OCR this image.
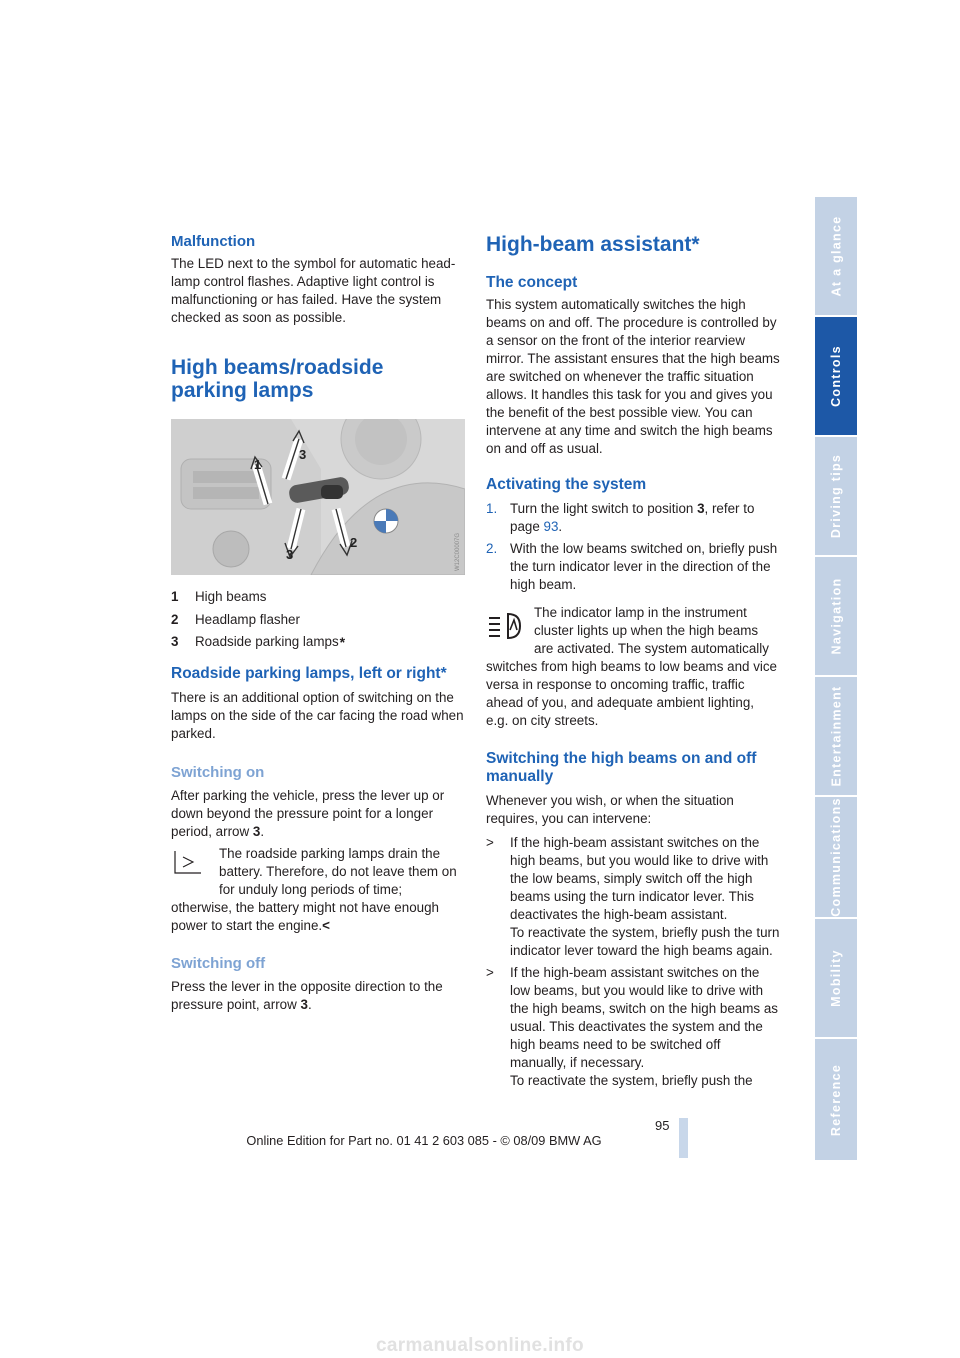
Malfunction

The LED next to the symbol for automatic head-lamp control flashes. Adaptive light control is malfunctioning or has failed. Have the system checked as soon as possible.

High beams/roadside parking lamps
3
1
3
2	W12C00007G
1	High beams
2	Headlamp flasher
3	Roadside parking lamps *
Roadside parking lamps, left or right*

There is an additional option of switching on the lamps on the side of the car facing the road when parked.

Switching on

After parking the vehicle, press the lever up or down beyond the pressure point for a longer period, arrow 3.

The roadside parking lamps drain the battery. Therefore, do not leave them on for unduly long periods of time; otherwise, the battery might not have enough power to start the engine.<
Switching off

Press the lever in the opposite direction to the pressure point, arrow 3.

High-beam assistant*
The concept

This system automatically switches the high beams on and off. The procedure is controlled by a sensor on the front of the interior rearview mirror. The assistant ensures that the high beams are switched on whenever the traffic situation allows. It handles this task for you and gives you the benefit of the best possible view. You can intervene at any time and switch the high beams on and off as usual.

Activating the system
1. Turn the light switch to position 3, refer to page 93.
2. With the low beams switched on, briefly push the turn indicator lever in the direction of the high beam.
The indicator lamp in the instrument cluster lights up when the high beams are activated. The system automatically switches from high beams to low beams and vice versa in response to oncoming traffic, traffic ahead of you, and adequate ambient lighting, e.g. on city streets.
Switching the high beams on and off manually

Whenever you wish, or when the situation requires, you can intervene:

>	If the high-beam assistant switches on the high beams, but you would like to drive with the low beams, simply switch off the high beams using the turn indicator lever. This deactivates the high-beam assistant.
To reactivate the system, briefly push the turn indicator lever toward the high beams again.
>	If the high-beam assistant switches on the low beams, but you would like to drive with the high beams, switch on the high beams as usual. This deactivates the system and the high beams need to be switched off manually, if necessary.
To reactivate the system, briefly push the
At a glance
Controls
Driving tips
Navigation
Entertainment
Communications
Mobility
Reference
95
Online Edition for Part no. 01 41 2 603 085 - © 08/09 BMW AG
carmanualsonline.info
